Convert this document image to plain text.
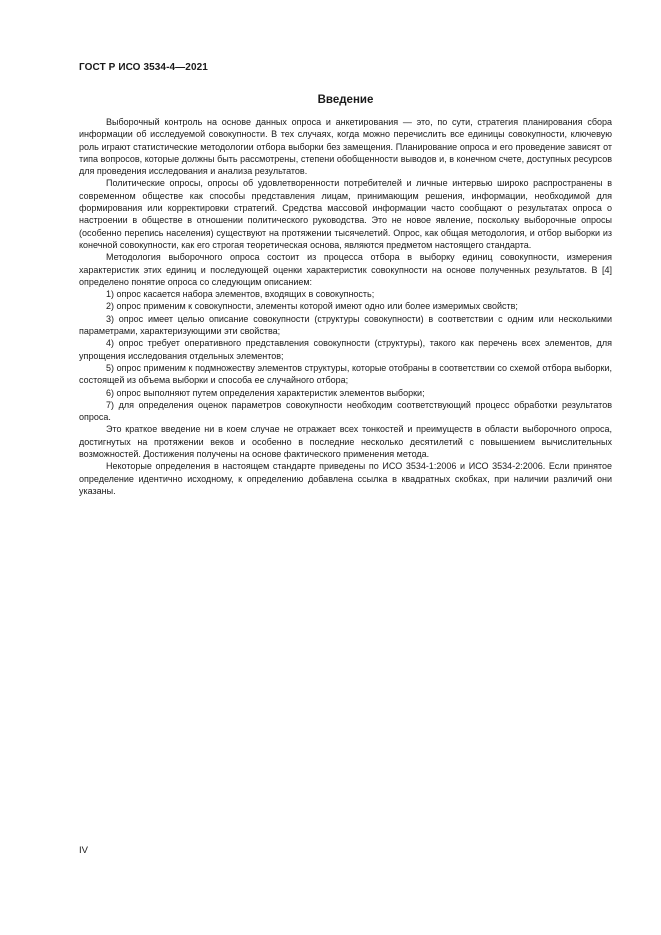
ГОСТ Р ИСО 3534-4—2021
Введение

Выборочный контроль на основе данных опроса и анкетирования — это, по сути, стратегия планирования сбора информации об исследуемой совокупности. В тех случаях, когда можно перечислить все единицы совокупности, ключевую роль играют статистические методологии отбора выборки без замещения. Планирование опроса и его проведение зависят от типа вопросов, которые должны быть рассмотрены, степени обобщенности выводов и, в конечном счете, доступных ресурсов для проведения исследования и анализа результатов.

Политические опросы, опросы об удовлетворенности потребителей и личные интервью широко распространены в современном обществе как способы представления лицам, принимающим решения, информации, необходимой для формирования или корректировки стратегий. Средства массовой информации часто сообщают о результатах опроса о настроении в обществе в отношении политического руководства. Это не новое явление, поскольку выборочные опросы (особенно перепись населения) существуют на протяжении тысячелетий. Опрос, как общая методология, и отбор выборки из конечной совокупности, как его строгая теоретическая основа, являются предметом настоящего стандарта.

Методология выборочного опроса состоит из процесса отбора в выборку единиц совокупности, измерения характеристик этих единиц и последующей оценки характеристик совокупности на основе полученных результатов. В [4] определено понятие опроса со следующим описанием:

1) опрос касается набора элементов, входящих в совокупность;
2) опрос применим к совокупности, элементы которой имеют одно или более измеримых свойств;
3) опрос имеет целью описание совокупности (структуры совокупности) в соответствии с одним или несколькими параметрами, характеризующими эти свойства;
4) опрос требует оперативного представления совокупности (структуры), такого как перечень всех элементов, для упрощения исследования отдельных элементов;
5) опрос применим к подмножеству элементов структуры, которые отобраны в соответствии со схемой отбора выборки, состоящей из объема выборки и способа ее случайного отбора;
6) опрос выполняют путем определения характеристик элементов выборки;
7) для определения оценок параметров совокупности необходим соответствующий процесс обработки результатов опроса.

Это краткое введение ни в коем случае не отражает всех тонкостей и преимуществ в области выборочного опроса, достигнутых на протяжении веков и особенно в последние несколько десятилетий с повышением вычислительных возможностей. Достижения получены на основе фактического применения метода.

Некоторые определения в настоящем стандарте приведены по ИСО 3534-1:2006 и ИСО 3534-2:2006. Если принятое определение идентично исходному, к определению добавлена ссылка в квадратных скобках, при наличии различий они указаны.

IV
